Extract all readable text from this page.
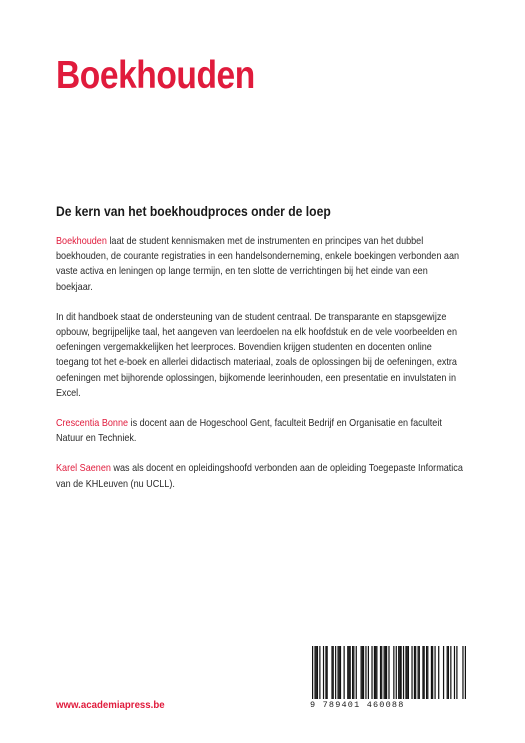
Boekhouden
De kern van het boekhoudproces onder de loep

Boekhouden laat de student kennismaken met de instrumenten en principes van het dubbel boekhouden, de courante registraties in een handelsonderneming, enkele boekingen verbonden aan vaste activa en leningen op lange termijn, en ten slotte de verrichtingen bij het einde van een boekjaar.

In dit handboek staat de ondersteuning van de student centraal. De transparante en stapsgewijze opbouw, begrijpelijke taal, het aangeven van leerdoelen na elk hoofdstuk en de vele voorbeelden en oefeningen vergemakkelijken het leerproces. Bovendien krijgen studenten en docenten online toegang tot het e-boek en allerlei didactisch materiaal, zoals de oplossingen bij de oefeningen, extra oefeningen met bijhorende oplossingen, bijkomende leerinhouden, een presentatie en invulstaten in Excel.

Crescentia Bonne is docent aan de Hogeschool Gent, faculteit Bedrijf en Organisatie en faculteit Natuur en Techniek.

Karel Saenen was als docent en opleidingshoofd verbonden aan de opleiding Toegepaste Informatica van de KHLeuven (nu UCLL).

www.academiapress.be	9 789401 460088
